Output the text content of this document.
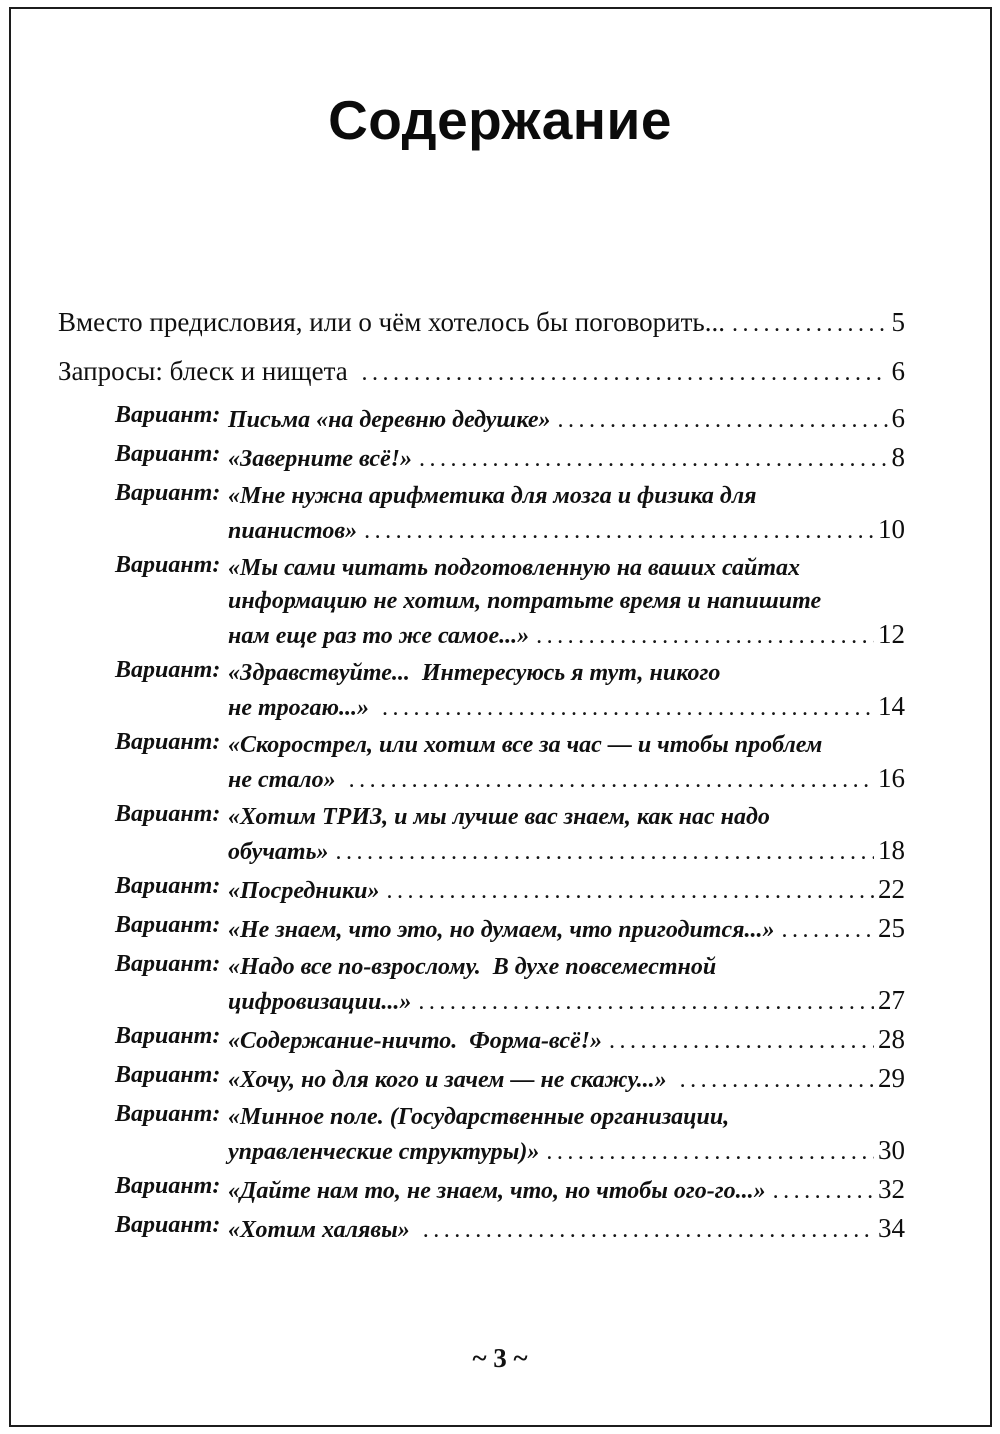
Содержание
Вместо предисловия, или о чём хотелось бы поговорить... .....	5
Запросы: блеск и нищета .....	6
Вариант: Письма «на деревню дедушке» .....	6
Вариант: «Заверните всё!» .....	8
Вариант: «Мне нужна арифметика для мозга и физика для
пианистов» .....	10
Вариант: «Мы сами читать подготовленную на ваших сайтах
информацию не хотим, потратьте время и напишите
нам еще раз то же самое...» .....	12
Вариант: «Здравствуйте...  Интересуюсь я тут, никого
не трогаю...» .....	14
Вариант: «Скорострел, или хотим все за час — и чтобы проблем
не стало» .....	16
Вариант: «Хотим ТРИЗ, и мы лучше вас знаем, как нас надо
обучать» .....	18
Вариант: «Посредники» .....	22
Вариант: «Не знаем, что это, но думаем, что пригодится...» .....	25
Вариант: «Надо все по-взрослому.  В духе повсеместной
цифровизации...» .....	27
Вариант: «Содержание-ничто.  Форма-всё!» .....	28
Вариант: «Хочу, но для кого и зачем — не скажу...» .....	29
Вариант: «Минное поле. (Государственные организации,
управленческие структуры)» .....	30
Вариант: «Дайте нам то, не знаем, что, но чтобы ого-го...» .....	32
Вариант: «Хотим халявы» .....	34
~ 3 ~
